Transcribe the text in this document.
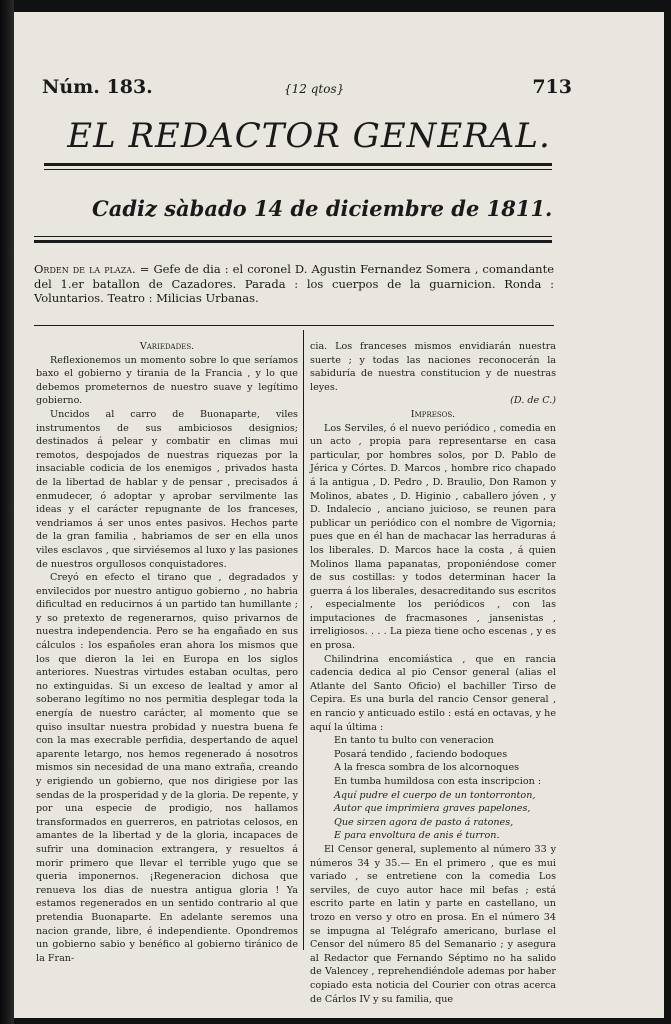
Núm. 183.	{12 qtos}	713
EL REDACTOR GENERAL.
Cadiz sàbado 14 de diciembre de 1811.
Orden de la plaza. = Gefe de dia : el coronel D. Agustin Fernandez Somera , comandante del 1.er batallon de Cazadores. Parada : los cuerpos de la guarnicion. Ronda : Voluntarios. Teatro : Milicias Urbanas.

Variedades.

Reflexionemos un momento sobre lo que seríamos baxo el gobierno y tirania de la Francia , y lo que debemos prometernos de nuestro suave y legítimo gobierno.

Uncidos al carro de Buonaparte, viles instrumentos de sus ambiciosos designios; destinados á pelear y combatir en climas mui remotos, despojados de nuestras riquezas por la insaciable codicia de los enemigos , privados hasta de la libertad de hablar y de pensar , precisados á enmudecer, ó adoptar y aprobar servilmente las ideas y el carácter repugnante de los franceses, vendriamos á ser unos entes pasivos. Hechos parte de la gran familia , habriamos de ser en ella unos viles esclavos , que sirviésemos al luxo y las pasiones de nuestros orgullosos conquistadores.

Creyó en efecto el tirano que , degradados y envilecidos por nuestro antiguo gobierno , no habria dificultad en reducirnos á un partido tan humillante ; y so pretexto de regenerarnos, quiso privarnos de nuestra independencia. Pero se ha engañado en sus cálculos : los españoles eran ahora los mismos que los que dieron la lei en Europa en los siglos anteriores. Nuestras virtudes estaban ocultas, pero no extinguidas. Si un exceso de lealtad y amor al soberano legítimo no nos permitia desplegar toda la energía de nuestro carácter, al momento que se quiso insultar nuestra probidad y nuestra buena fe con la mas execrable perfidia, despertando de aquel aparente letargo, nos hemos regenerado á nosotros mismos sin necesidad de una mano extraña, creando y erigiendo un gobierno, que nos dirigiese por las sendas de la prosperidad y de la gloria. De repente, y por una especie de prodigio, nos hallamos transformados en guerreros, en patriotas celosos, en amantes de la libertad y de la gloria, incapaces de sufrir una dominacion extrangera, y resueltos á morir primero que llevar el terrible yugo que se queria imponernos. ¡Regeneracion dichosa que renueva los dias de nuestra antigua gloria ! Ya estamos regenerados en un sentido contrario al que pretendia Buonaparte. En adelante seremos una nacion grande, libre, é independiente. Opondremos un gobierno sabio y benéfico al gobierno tiránico de la Fran-

cia. Los franceses mismos envidiarán nuestra suerte ; y todas las naciones reconocerán la sabiduría de nuestra constitucion y de nuestras leyes.

(D. de C.)

Impresos.

Los Serviles, ó el nuevo periódico , comedia en un acto , propia para representarse en casa particular, por hombres solos, por D. Pablo de Jérica y Córtes. D. Marcos , hombre rico chapado á la antigua , D. Pedro , D. Braulio, Don Ramon y Molinos, abates , D. Higinio , caballero jóven , y D. Indalecio , anciano juicioso, se reunen para publicar un periódico con el nombre de Vigornia; pues que en él han de machacar las herraduras á los liberales. D. Marcos hace la costa , á quien Molinos llama papanatas, proponiéndose comer de sus costillas: y todos determinan hacer la guerra á los liberales, desacreditando sus escritos , especialmente los periódicos , con las imputaciones de fracmasones , jansenistas , irreligiosos. . . . La pieza tiene ocho escenas , y es en prosa.

Chilindrina encomiástica , que en rancia cadencia dedica al pio Censor general (alias el Atlante del Santo Oficio) el bachiller Tirso de Cepira. Es una burla del rancio Censor general , en rancio y anticuado estilo : está en octavas, y he aquí la última :

En tanto tu bulto con veneracion

Posará tendido , faciendo bodoques

A la fresca sombra de los alcornoques

En tumba humildosa con esta inscripcion :

Aquí pudre el cuerpo de un tontorronton,

Autor que imprimiera graves papelones,

Que sirzen agora de pasto á ratones,

E para envoltura de anis é turron.

El Censor general, suplemento al número 33 y números 34 y 35.— En el primero , que es mui variado , se entretiene con la comedia Los serviles, de cuyo autor hace mil befas ; está escrito parte en latin y parte en castellano, un trozo en verso y otro en prosa. En el número 34 se impugna al Telégrafo americano, burlase el Censor del número 85 del Semanario ; y asegura al Redactor que Fernando Séptimo no ha salido de Valencey , reprehendiéndole ademas por haber copiado esta noticia del Courier con otras acerca de Cárlos IV y su familia, que
